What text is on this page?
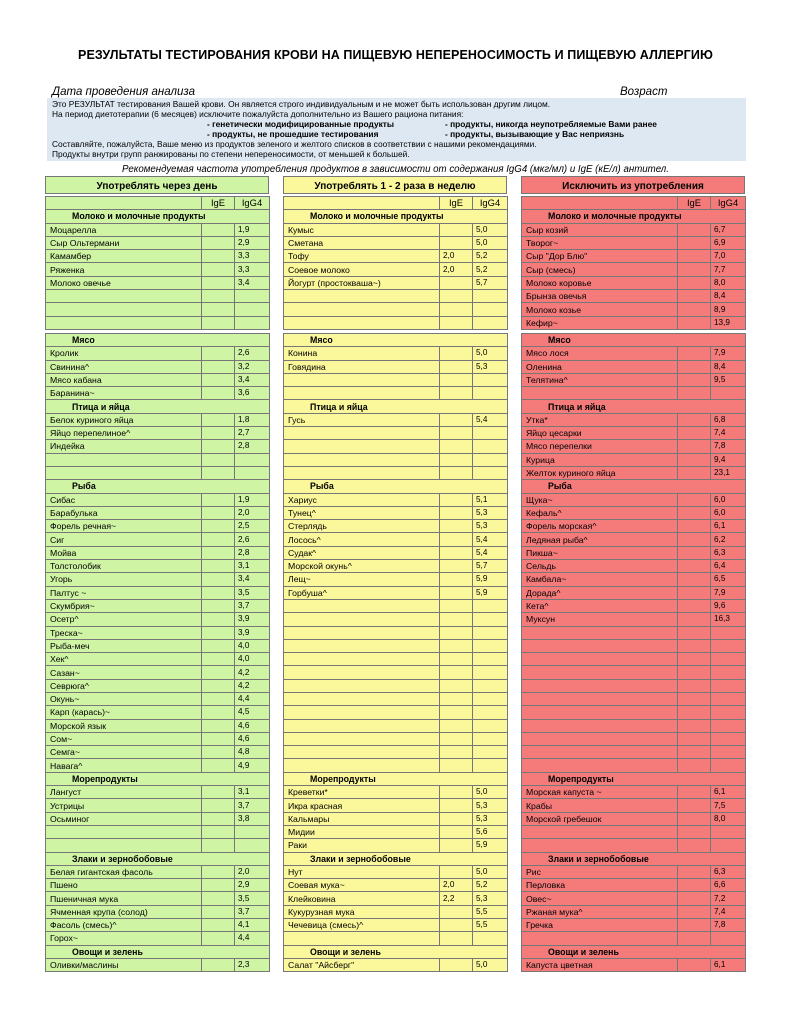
РЕЗУЛЬТАТЫ ТЕСТИРОВАНИЯ КРОВИ НА ПИЩЕВУЮ НЕПЕРЕНОСИМОСТЬ И ПИЩЕВУЮ АЛЛЕРГИЮ
Дата проведения анализа	Возраст
Это РЕЗУЛЬТАТ тестирования Вашей крови. Он является строго индивидуальным и не может быть использован другим лицом.
На период диетотерапии (6 месяцев) исключите пожалуйста дополнительно из Вашего рациона питания:
- генетически модифицированные продукты	- продукты, никогда неупотребляемые Вами ранее
- продукты, не прошедшие тестирования	- продукты, вызывающие у Вас неприязнь
Составляйте, пожалуйста, Ваше меню из продуктов зеленого и желтого списков в соответствии с нашими рекомендациями.
Продукты внутри групп ранжированы по степени непереносимости, от меньшей к большей.
Рекомендуемая частота употребления продуктов в зависимости от содержания IgG4 (мкг/мл) и IgE (кЕ/л) антител.
Употреблять через день
	IgE	IgG4
Молоко и молочные продукты		
Моцарелла		1,9
Сыр Ольтермани		2,9
Камамбер		3,3
Ряженка		3,3
Молоко овечье		3,4

Мясо		
Кролик		2,6
Свинина^		3,2
Мясо кабана		3,4
Баранина~		3,6
Птица и яйца		
Белок куриного яйца		1,8
Яйцо перепелиное^		2,7
Индейка		2,8

Рыба		
Сибас		1,9
Барабулька		2,0
Форель речная~		2,5
Сиг		2,6
Мойва		2,8
Толстолобик		3,1
Угорь		3,4
Палтус ~		3,5
Скумбрия~		3,7
Осетр^		3,9
Треска~		3,9
Рыба-меч		4,0
Хек^		4,0
Сазан~		4,2
Севрюга^		4,2
Окунь~		4,4
Карп (карась)~		4,5
Морской язык		4,6
Сом~		4,6
Семга~		4,8
Навага^		4,9
Морепродукты		
Лангуст		3,1
Устрицы		3,7
Осьминог		3,8

Злаки и зернобобовые		
Белая гигантская фасоль		2,0
Пшено		2,9
Пшеничная мука		3,5
Ячменная крупа (солод)		3,7
Фасоль (смесь)^		4,1
Горох~		4,4
Овощи и зелень		
Оливки/маслины		2,3
Употреблять 1 - 2 раза в неделю
	IgE	IgG4
Молоко и молочные продукты		
Кумыс		5,0
Сметана		5,0
Тофу	2,0	5,2
Соевое молоко	2,0	5,2
Йогурт (простокваша~)		5,7

Мясо		
Конина		5,0
Говядина		5,3

Птица и яйца		
Гусь		5,4

Рыба		
Хариус		5,1
Тунец^		5,3
Стерлядь		5,3
Лосось^		5,4
Судак^		5,4
Морской окунь^		5,7
Лещ~		5,9
Горбуша^		5,9

Морепродукты		
Креветки*		5,0
Икра красная		5,3
Кальмары		5,3
Мидии		5,6
Раки		5,9
Злаки и зернобобовые		
Нут		5,0
Соевая мука~	2,0	5,2
Клейковина	2,2	5,3
Кукурузная мука		5,5
Чечевица (смесь)^		5,5

Овощи и зелень		
Салат "Айсберг"		5,0
Исключить из употребления
	IgE	IgG4
Молоко и молочные продукты		
Сыр козий		6,7
Творог~		6,9
Сыр "Дор Блю"		7,0
Сыр (смесь)		7,7
Молоко коровье		8,0
Брынза овечья		8,4
Молоко козье		8,9
Кефир~		13,9

Мясо		
Мясо лося		7,9
Оленина		8,4
Телятина^		9,5

Птица и яйца		
Утка*		6,8
Яйцо цесарки		7,4
Мясо перепелки		7,8
Курица		9,4
Желток куриного яйца		23,1
Рыба		
Щука~		6,0
Кефаль^		6,0
Форель морская^		6,1
Ледяная рыба^		6,2
Пикша~		6,3
Сельдь		6,4
Камбала~		6,5
Дорада^		7,9
Кета^		9,6
Муксун		16,3

Морепродукты		
Морская капуста ~		6,1
Крабы		7,5
Морской гребешок		8,0

Злаки и зернобобовые		
Рис		6,3
Перловка		6,6
Овес~		7,2
Ржаная мука^		7,4
Гречка		7,8

Овощи и зелень		
Капуста цветная		6,1
